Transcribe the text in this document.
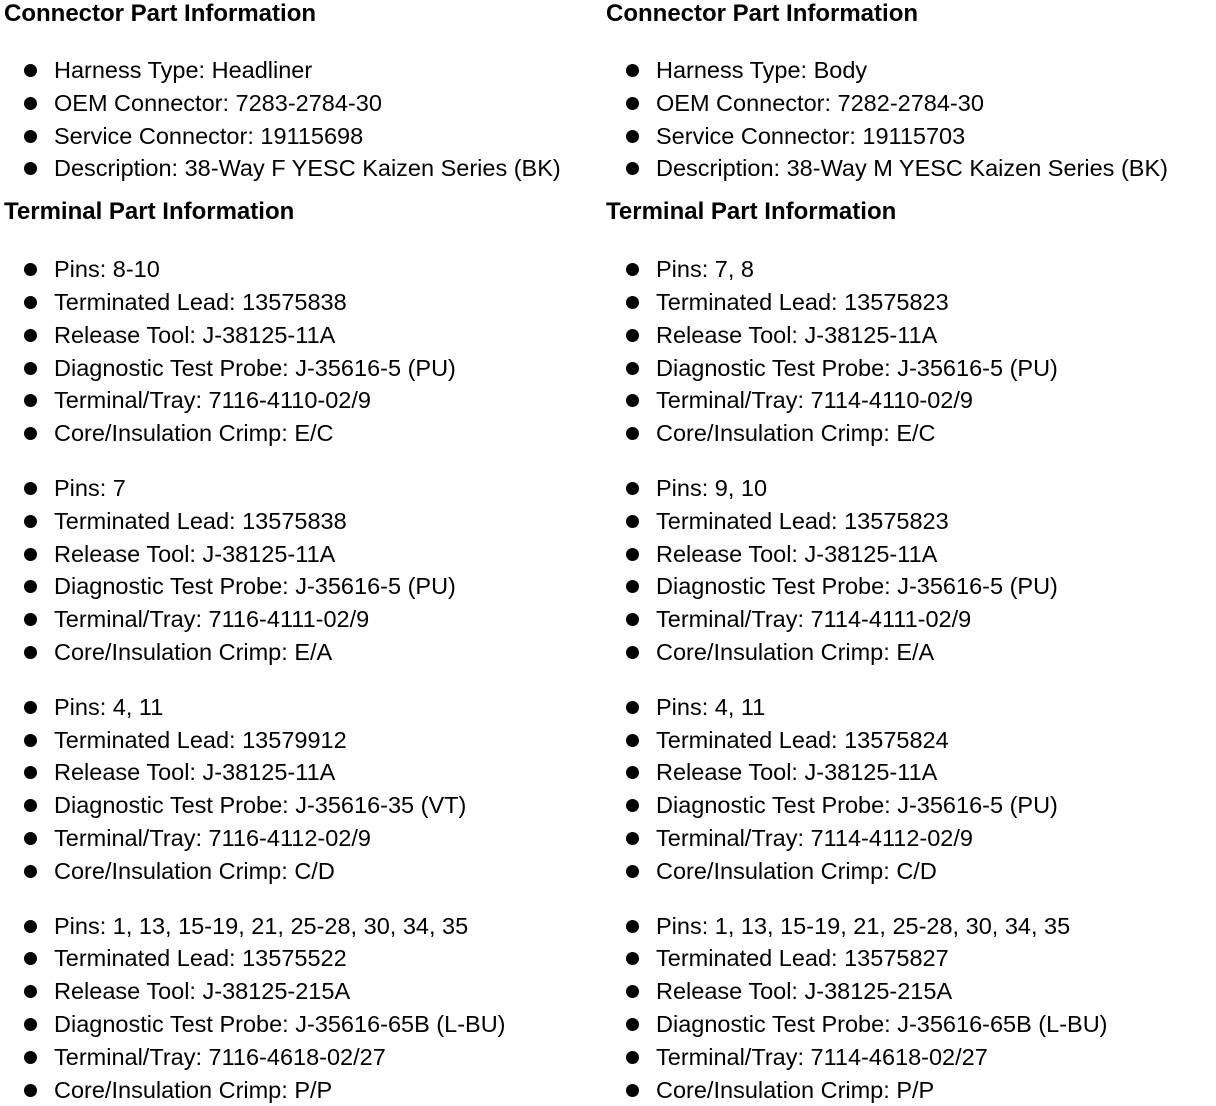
Connector Part Information
Harness Type: Headliner
OEM Connector: 7283-2784-30
Service Connector: 19115698
Description: 38-Way F YESC Kaizen Series (BK)
Terminal Part Information
Pins: 8-10
Terminated Lead: 13575838
Release Tool: J-38125-11A
Diagnostic Test Probe: J-35616-5 (PU)
Terminal/Tray: 7116-4110-02/9
Core/Insulation Crimp: E/C
Pins: 7
Terminated Lead: 13575838
Release Tool: J-38125-11A
Diagnostic Test Probe: J-35616-5 (PU)
Terminal/Tray: 7116-4111-02/9
Core/Insulation Crimp: E/A
Pins: 4, 11
Terminated Lead: 13579912
Release Tool: J-38125-11A
Diagnostic Test Probe: J-35616-35 (VT)
Terminal/Tray: 7116-4112-02/9
Core/Insulation Crimp: C/D
Pins: 1, 13, 15-19, 21, 25-28, 30, 34, 35
Terminated Lead: 13575522
Release Tool: J-38125-215A
Diagnostic Test Probe: J-35616-65B (L-BU)
Terminal/Tray: 7116-4618-02/27
Core/Insulation Crimp: P/P
Connector Part Information
Harness Type: Body
OEM Connector: 7282-2784-30
Service Connector: 19115703
Description: 38-Way M YESC Kaizen Series (BK)
Terminal Part Information
Pins: 7, 8
Terminated Lead: 13575823
Release Tool: J-38125-11A
Diagnostic Test Probe: J-35616-5 (PU)
Terminal/Tray: 7114-4110-02/9
Core/Insulation Crimp: E/C
Pins: 9, 10
Terminated Lead: 13575823
Release Tool: J-38125-11A
Diagnostic Test Probe: J-35616-5 (PU)
Terminal/Tray: 7114-4111-02/9
Core/Insulation Crimp: E/A
Pins: 4, 11
Terminated Lead: 13575824
Release Tool: J-38125-11A
Diagnostic Test Probe: J-35616-5 (PU)
Terminal/Tray: 7114-4112-02/9
Core/Insulation Crimp: C/D
Pins: 1, 13, 15-19, 21, 25-28, 30, 34, 35
Terminated Lead: 13575827
Release Tool: J-38125-215A
Diagnostic Test Probe: J-35616-65B (L-BU)
Terminal/Tray: 7114-4618-02/27
Core/Insulation Crimp: P/P
